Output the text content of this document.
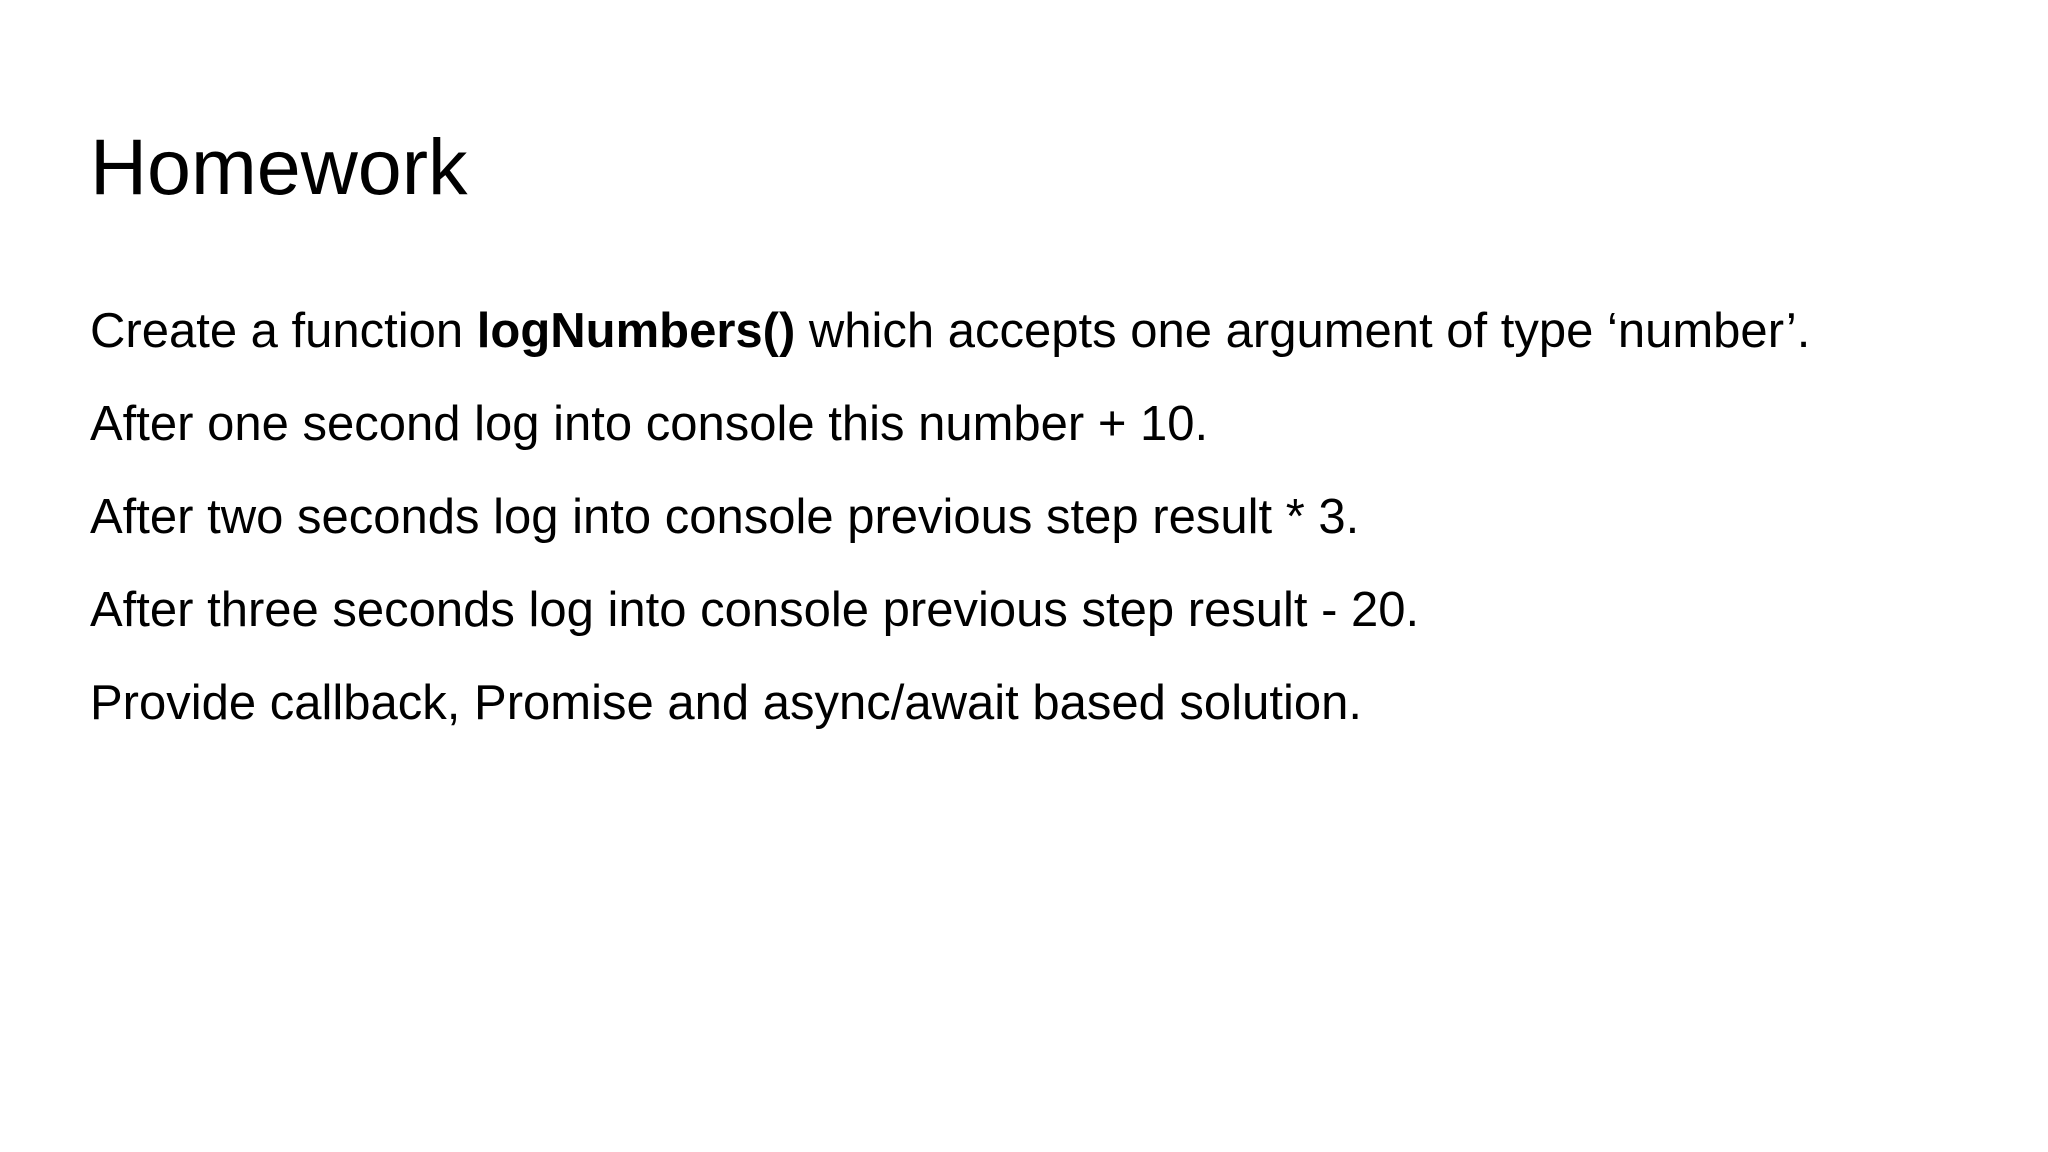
Homework

Create a function logNumbers() which accepts one argument of type ‘number’.

After one second log into console this number + 10.

After two seconds log into console previous step result * 3.

After three seconds log into console previous step result - 20.

Provide callback, Promise and async/await based solution.
